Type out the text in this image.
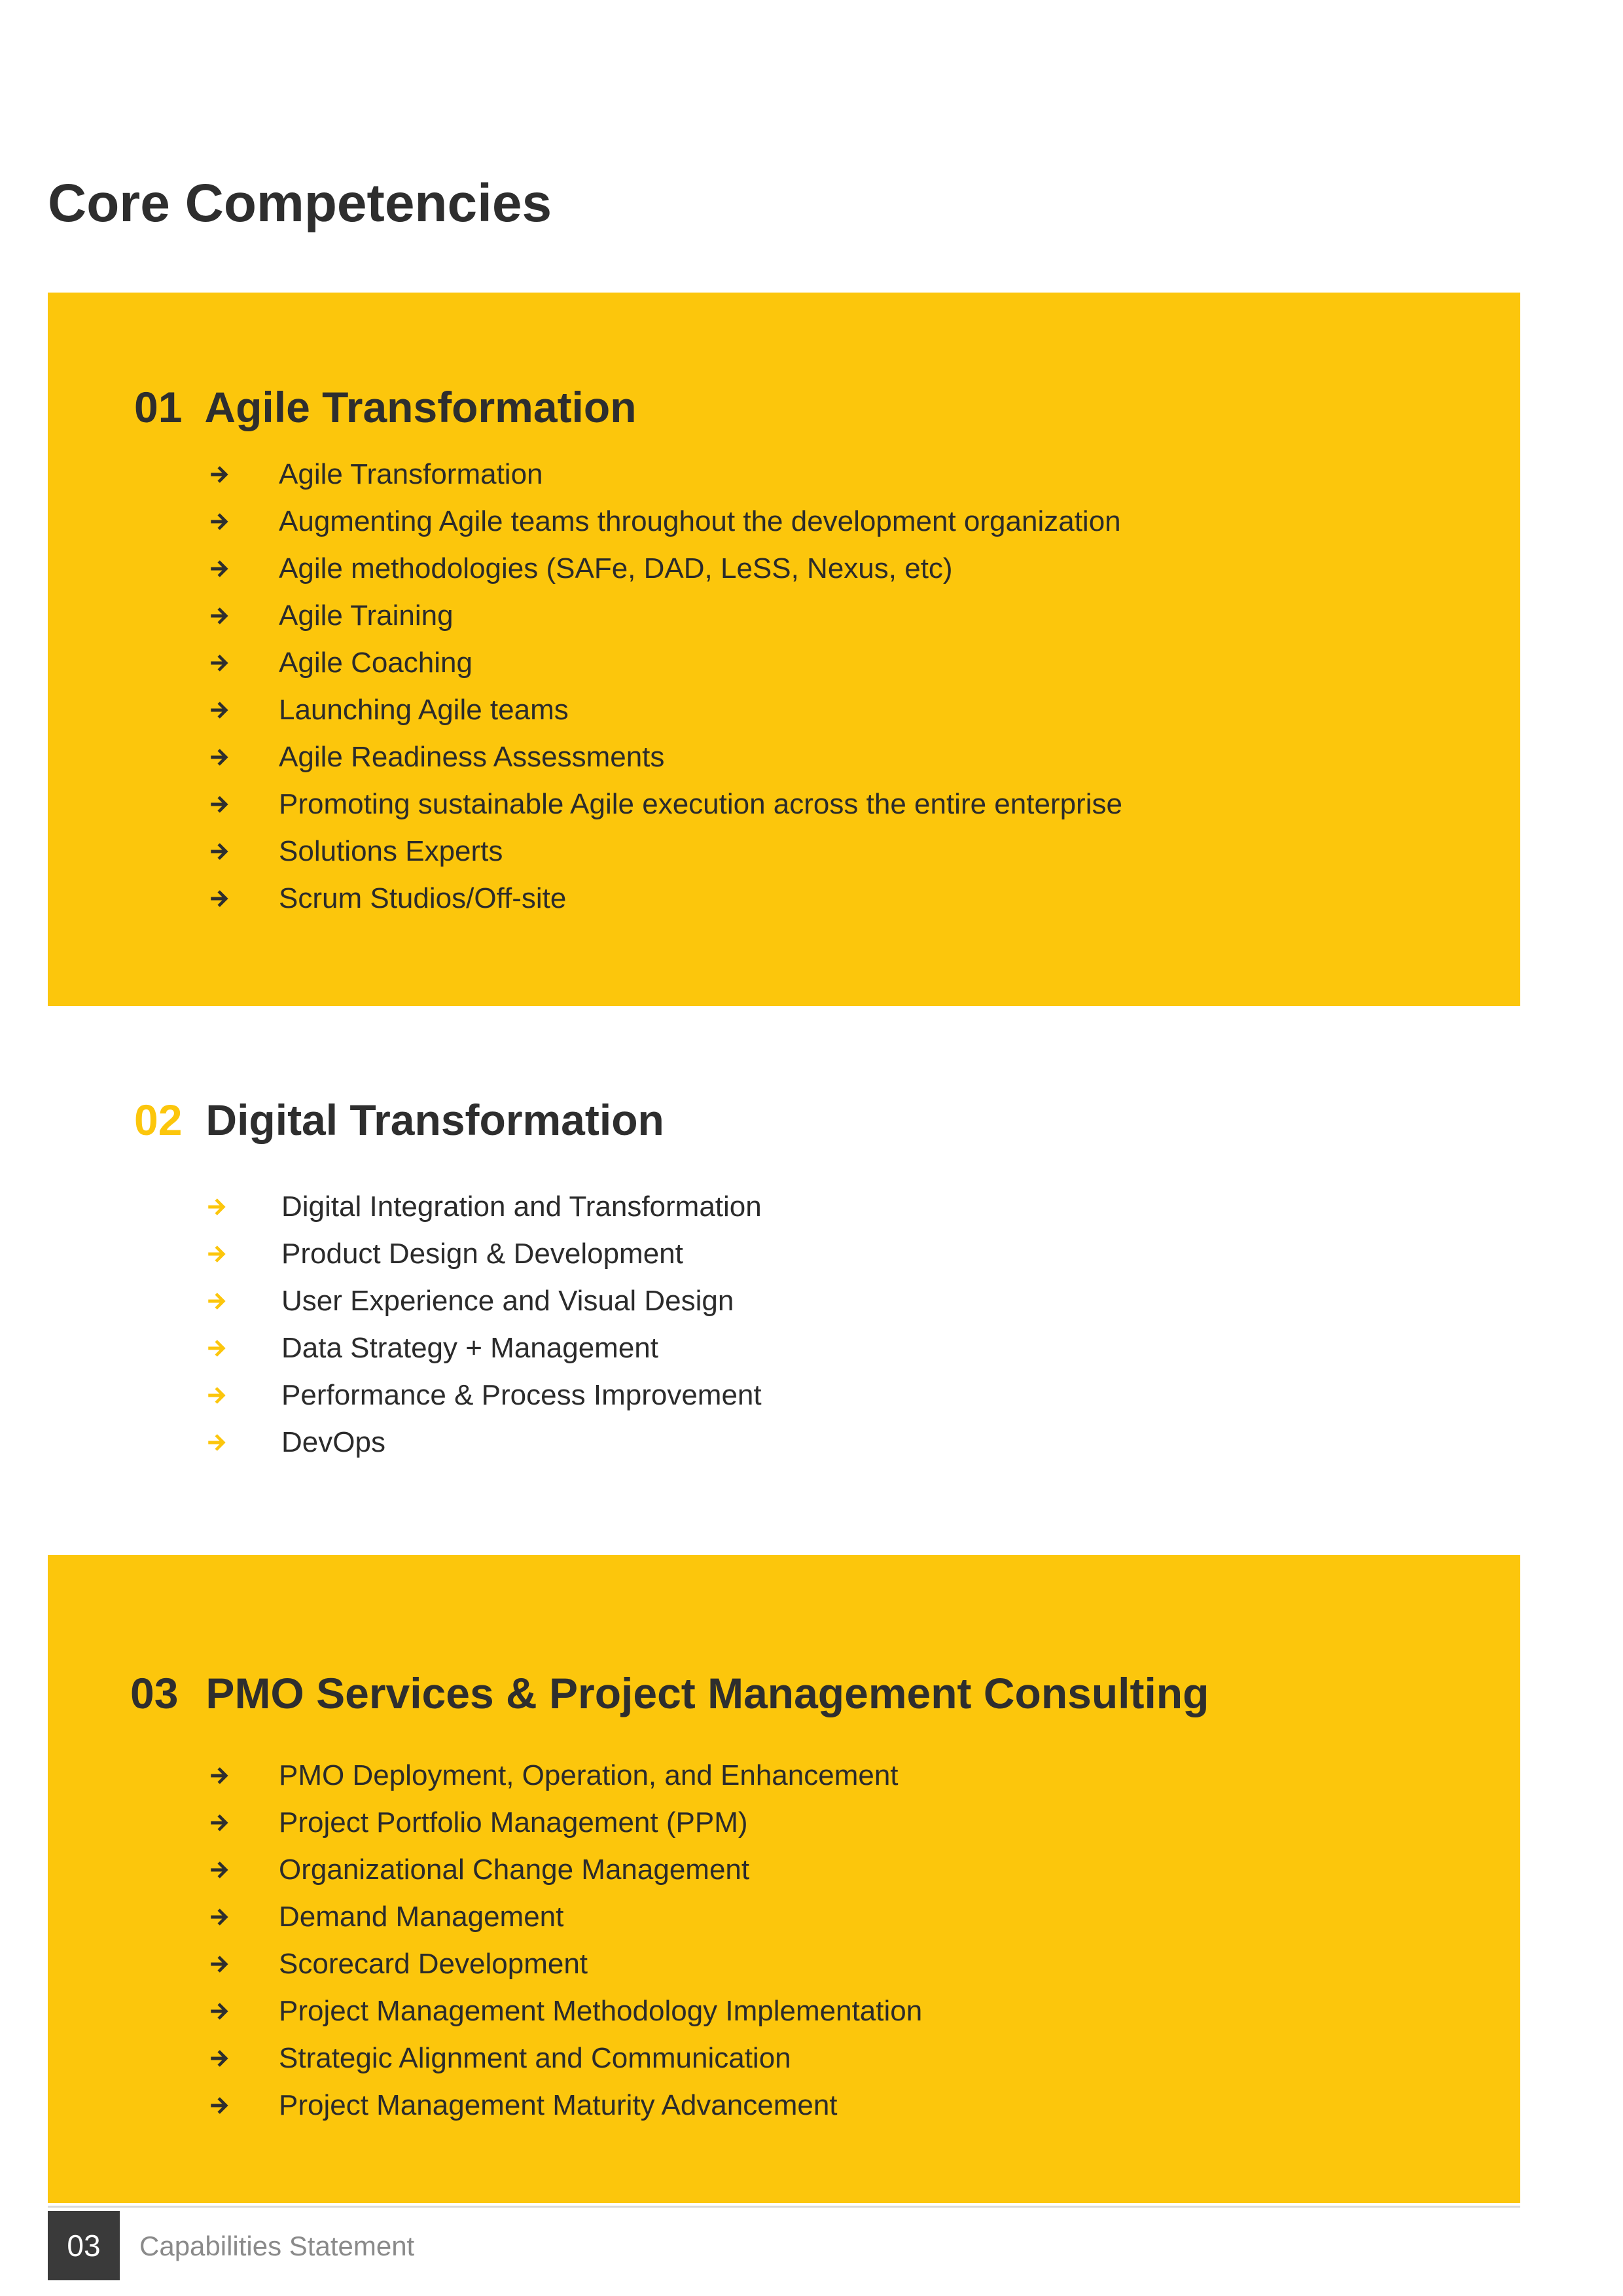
Core Competencies
01 Agile Transformation
Agile Transformation
Augmenting Agile teams throughout the development organization
Agile methodologies (SAFe, DAD, LeSS, Nexus, etc)
Agile Training
Agile Coaching
Launching Agile teams
Agile Readiness Assessments
Promoting sustainable Agile execution across the entire enterprise
Solutions Experts
Scrum Studios/Off-site
02 Digital Transformation
Digital Integration and Transformation
Product Design & Development
User Experience and Visual Design
Data Strategy + Management
Performance & Process Improvement
DevOps
03 PMO Services & Project Management Consulting
PMO Deployment, Operation, and Enhancement
Project Portfolio Management (PPM)
Organizational Change Management
Demand Management
Scorecard Development
Project Management Methodology Implementation
Strategic Alignment and Communication
Project Management Maturity Advancement
03	Capabilities Statement
